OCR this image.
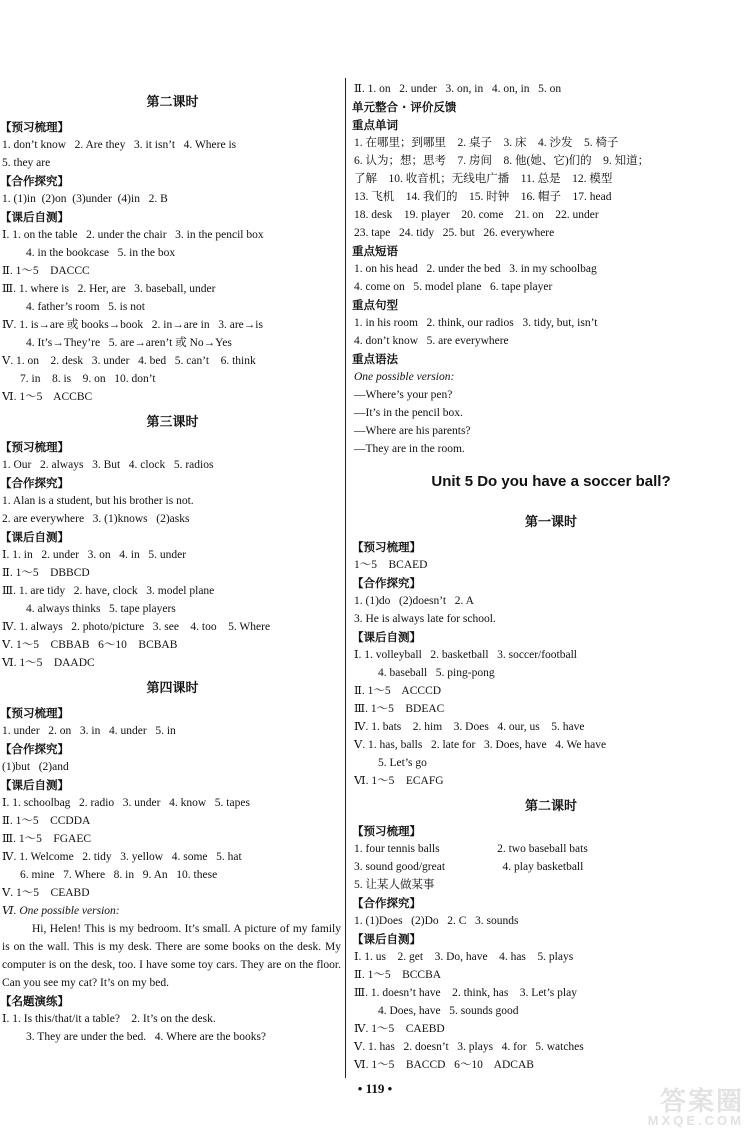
第二课时
【预习梳理】
1. don’t know   2. Are they   3. it isn’t   4. Where is
5. they are
【合作探究】
1. (1)in  (2)on  (3)under  (4)in   2. B
【课后自测】
Ⅰ. 1. on the table   2. under the chair   3. in the pencil box
4. in the bookcase   5. in the box
Ⅱ. 1～5    DACCC
Ⅲ. 1. where is   2. Her, are   3. baseball, under
4. father’s room   5. is not
Ⅳ. 1. is→are 或 books→book   2. in→are in   3. are→is
4. It’s→They’re   5. are→aren’t 或 No→Yes
Ⅴ. 1. on    2. desk   3. under   4. bed   5. can’t    6. think
7. in    8. is    9. on   10. don’t
Ⅵ. 1～5    ACCBC
第三课时
【预习梳理】
1. Our   2. always   3. But   4. clock   5. radios
【合作探究】
1. Alan is a student, but his brother is not.
2. are everywhere   3. (1)knows   (2)asks
【课后自测】
Ⅰ. 1. in   2. under   3. on   4. in   5. under
Ⅱ. 1～5    DBBCD
Ⅲ. 1. are tidy   2. have, clock   3. model plane
4. always thinks   5. tape players
Ⅳ. 1. always   2. photo/picture   3. see    4. too    5. Where
Ⅴ. 1～5    CBBAB   6～10    BCBAB
Ⅵ. 1～5    DAADC
第四课时
【预习梳理】
1. under   2. on   3. in   4. under   5. in
【合作探究】
(1)but   (2)and
【课后自测】
Ⅰ. 1. schoolbag   2. radio   3. under   4. know   5. tapes
Ⅱ. 1～5    CCDDA
Ⅲ. 1～5    FGAEC
Ⅳ. 1. Welcome   2. tidy   3. yellow   4. some   5. hat
6. mine   7. Where   8. in   9. An   10. these
Ⅴ. 1～5    CEABD
Ⅵ. One possible version:
Hi, Helen! This is my bedroom. It’s small. A picture of my family is on the wall. This is my desk. There are some books on the desk. My computer is on the desk, too. I have some toy cars. They are on the floor. Can you see my cat? It’s on my bed.
【名题演练】
Ⅰ. 1. Is this/that/it a table?    2. It’s on the desk.
3. They are under the bed.   4. Where are the books?
Ⅱ. 1. on   2. under   3. on, in   4. on, in   5. on
单元整合 · 评价反馈
重点单词
1. 在哪里；到哪里    2. 桌子    3. 床    4. 沙发    5. 椅子
6. 认为；想；思考    7. 房间    8. 他(她、它)们的    9. 知道；
了解    10. 收音机；无线电广播    11. 总是    12. 模型
13. 飞机    14. 我们的    15. 时钟    16. 帽子    17. head
18. desk    19. player    20. come    21. on    22. under
23. tape   24. tidy   25. but   26. everywhere
重点短语
1. on his head   2. under the bed   3. in my schoolbag
4. come on   5. model plane   6. tape player
重点句型
1. in his room   2. think, our radios   3. tidy, but, isn’t
4. don’t know   5. are everywhere
重点语法
One possible version:
—Where’s your pen?
—It’s in the pencil box.
—Where are his parents?
—They are in the room.
Unit 5 Do you have a soccer ball?
第一课时
【预习梳理】
1～5    BCAED
【合作探究】
1. (1)do   (2)doesn’t   2. A
3. He is always late for school.
【课后自测】
Ⅰ. 1. volleyball   2. basketball   3. soccer/football
4. baseball   5. ping-pong
Ⅱ. 1～5    ACCCD
Ⅲ. 1～5    BDEAC
Ⅳ. 1. bats    2. him    3. Does   4. our, us    5. have
Ⅴ. 1. has, balls   2. late for   3. Does, have   4. We have
5. Let’s go
Ⅵ. 1～5    ECAFG
第二课时
【预习梳理】
1. four tennis balls                    2. two baseball bats
3. sound good/great                    4. play basketball
5. 让某人做某事
【合作探究】
1. (1)Does   (2)Do   2. C   3. sounds
【课后自测】
Ⅰ. 1. us    2. get    3. Do, have    4. has    5. plays
Ⅱ. 1～5    BCCBA
Ⅲ. 1. doesn’t have    2. think, has    3. Let’s play
4. Does, have   5. sounds good
Ⅳ. 1～5    CAEBD
Ⅴ. 1. has   2. doesn’t   3. plays   4. for   5. watches
Ⅵ. 1～5    BACCD   6～10    ADCAB
• 119 •	答案圈
MXQE.COM
